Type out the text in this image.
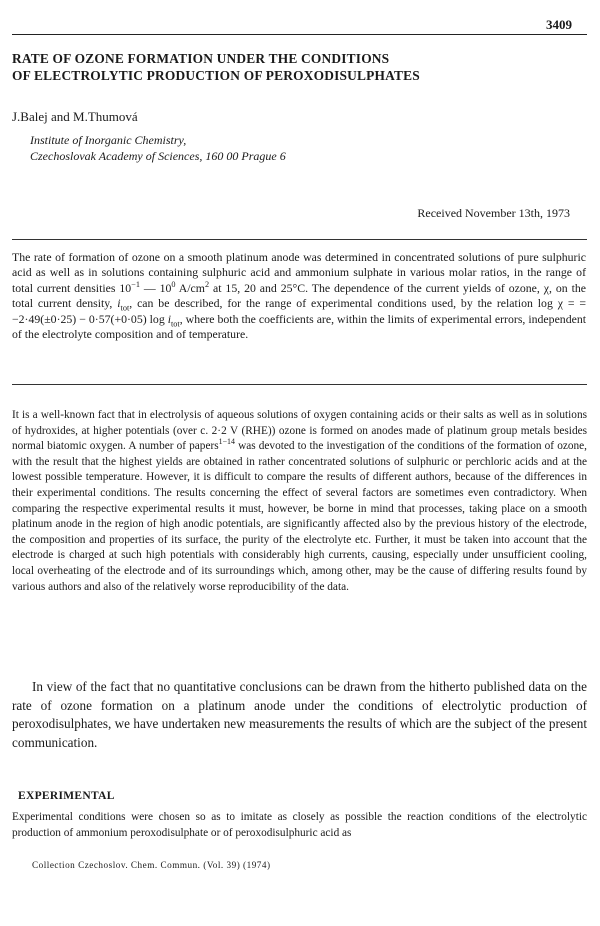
3409
RATE OF OZONE FORMATION UNDER THE CONDITIONS
OF ELECTROLYTIC PRODUCTION OF PEROXODISULPHATES
J.Balej and M.Thumová
Institute of Inorganic Chemistry,
Czechoslovak Academy of Sciences, 160 00 Prague 6
Received November 13th, 1973
The rate of formation of ozone on a smooth platinum anode was determined in concentrated solutions of pure sulphuric acid as well as in solutions containing sulphuric acid and ammonium sulphate in various molar ratios, in the range of total current densities $10^{-1}$ — $10^0$ $A/cm^2$ at 15, 20 and 25°C. The dependence of the current yields of ozone, χ, on the total current density, $i_{tot}$, can be described, for the range of experimental conditions used, by the relation log χ = = −2·49(±0·25) − 0·57(+0·05) $\log i_{tot}$, where both the coefficients are, within the limits of experimental errors, independent of the electrolyte composition and of temperature.

It is a well-known fact that in electrolysis of aqueous solutions of oxygen containing acids or their salts as well as in solutions of hydroxides, at higher potentials (over c. 2·2 V (RHE)) ozone is formed on anodes made of platinum group metals besides normal biatomic oxygen. A number of papers$^{1-14}$ was devoted to the investigation of the conditions of the formation of ozone, with the result that the highest yields are obtained in rather concentrated solutions of sulphuric or perchloric acids and at the lowest possible temperature. However, it is difficult to compare the results of different authors, because of the differences in their experimental conditions. The results concerning the effect of several factors are sometimes even contradictory. When comparing the respective experimental results it must, however, be borne in mind that processes, taking place on a smooth platinum anode in the region of high anodic potentials, are significantly affected also by the previous history of the electrode, the composition and properties of its surface, the purity of the electrolyte etc. Further, it must be taken into account that the electrode is charged at such high potentials with considerably high currents, causing, especially under unsufficient cooling, local overheating of the electrode and of its surroundings which, among other, may be the cause of differing results found by various authors and also of the relatively worse reproducibility of the data.

In view of the fact that no quantitative conclusions can be drawn from the hitherto published data on the rate of ozone formation on a platinum anode under the conditions of electrolytic production of peroxodisulphates, we have undertaken new measurements the results of which are the subject of the present communication.

EXPERIMENTAL

Experimental conditions were chosen so as to imitate as closely as possible the reaction conditions of the electrolytic production of ammonium peroxodisulphate or of peroxodisulphuric acid as

Collection Czechoslov. Chem. Commun. (Vol. 39) (1974)
